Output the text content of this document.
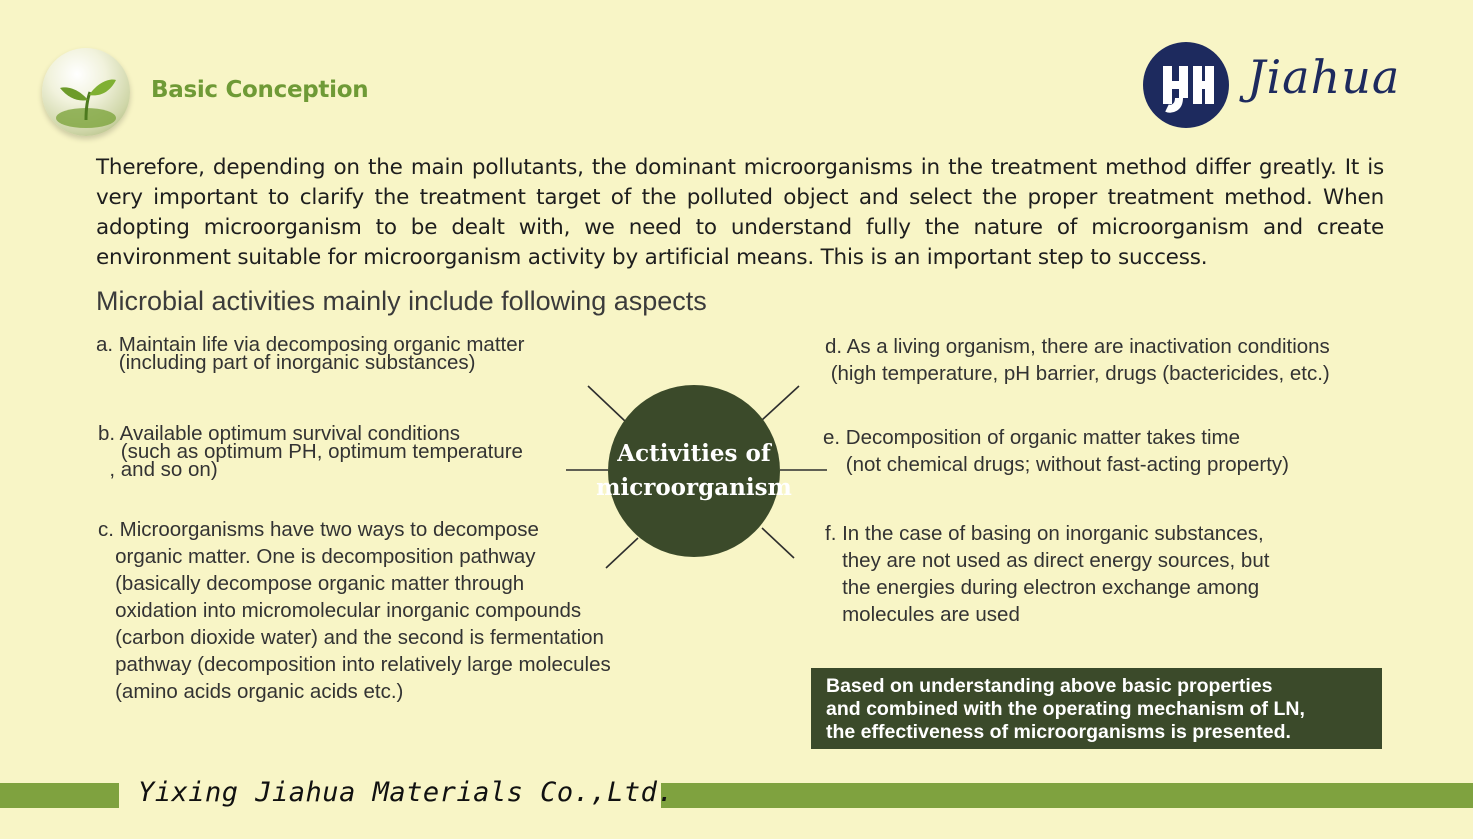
Basic Conception	Jiahua
Therefore, depending on the main pollutants, the dominant microorganisms in the treatment method differ greatly. It is very important to clarify the treatment target of the polluted object and select the proper treatment method. When adopting microorganism to be dealt with, we need to understand fully the nature of microorganism and create environment suitable for microorganism activity by artificial means. This is an important step to success.
Microbial activities mainly include following aspects
a. Maintain life via decomposing organic matter
(including part of inorganic substances)
b. Available optimum survival conditions
(such as optimum PH, optimum temperature
, and so on)
c. Microorganisms have two ways to decompose
organic matter. One is decomposition pathway
(basically decompose organic matter through
oxidation into micromolecular inorganic compounds
(carbon dioxide water) and the second is fermentation
pathway (decomposition into relatively large molecules
(amino acids organic acids etc.)
Activities of
microorganism
d. As a living organism, there are inactivation conditions
(high temperature, pH barrier, drugs (bactericides, etc.)
e. Decomposition of organic matter takes time
(not chemical drugs; without fast-acting property)
f. In the case of basing on inorganic substances,
they are not used as direct energy sources, but
the energies during electron exchange among
molecules are used
Based on understanding above basic properties
and combined with the operating mechanism of LN,
the effectiveness of microorganisms is presented.
Yixing Jiahua Materials Co.,Ltd.
